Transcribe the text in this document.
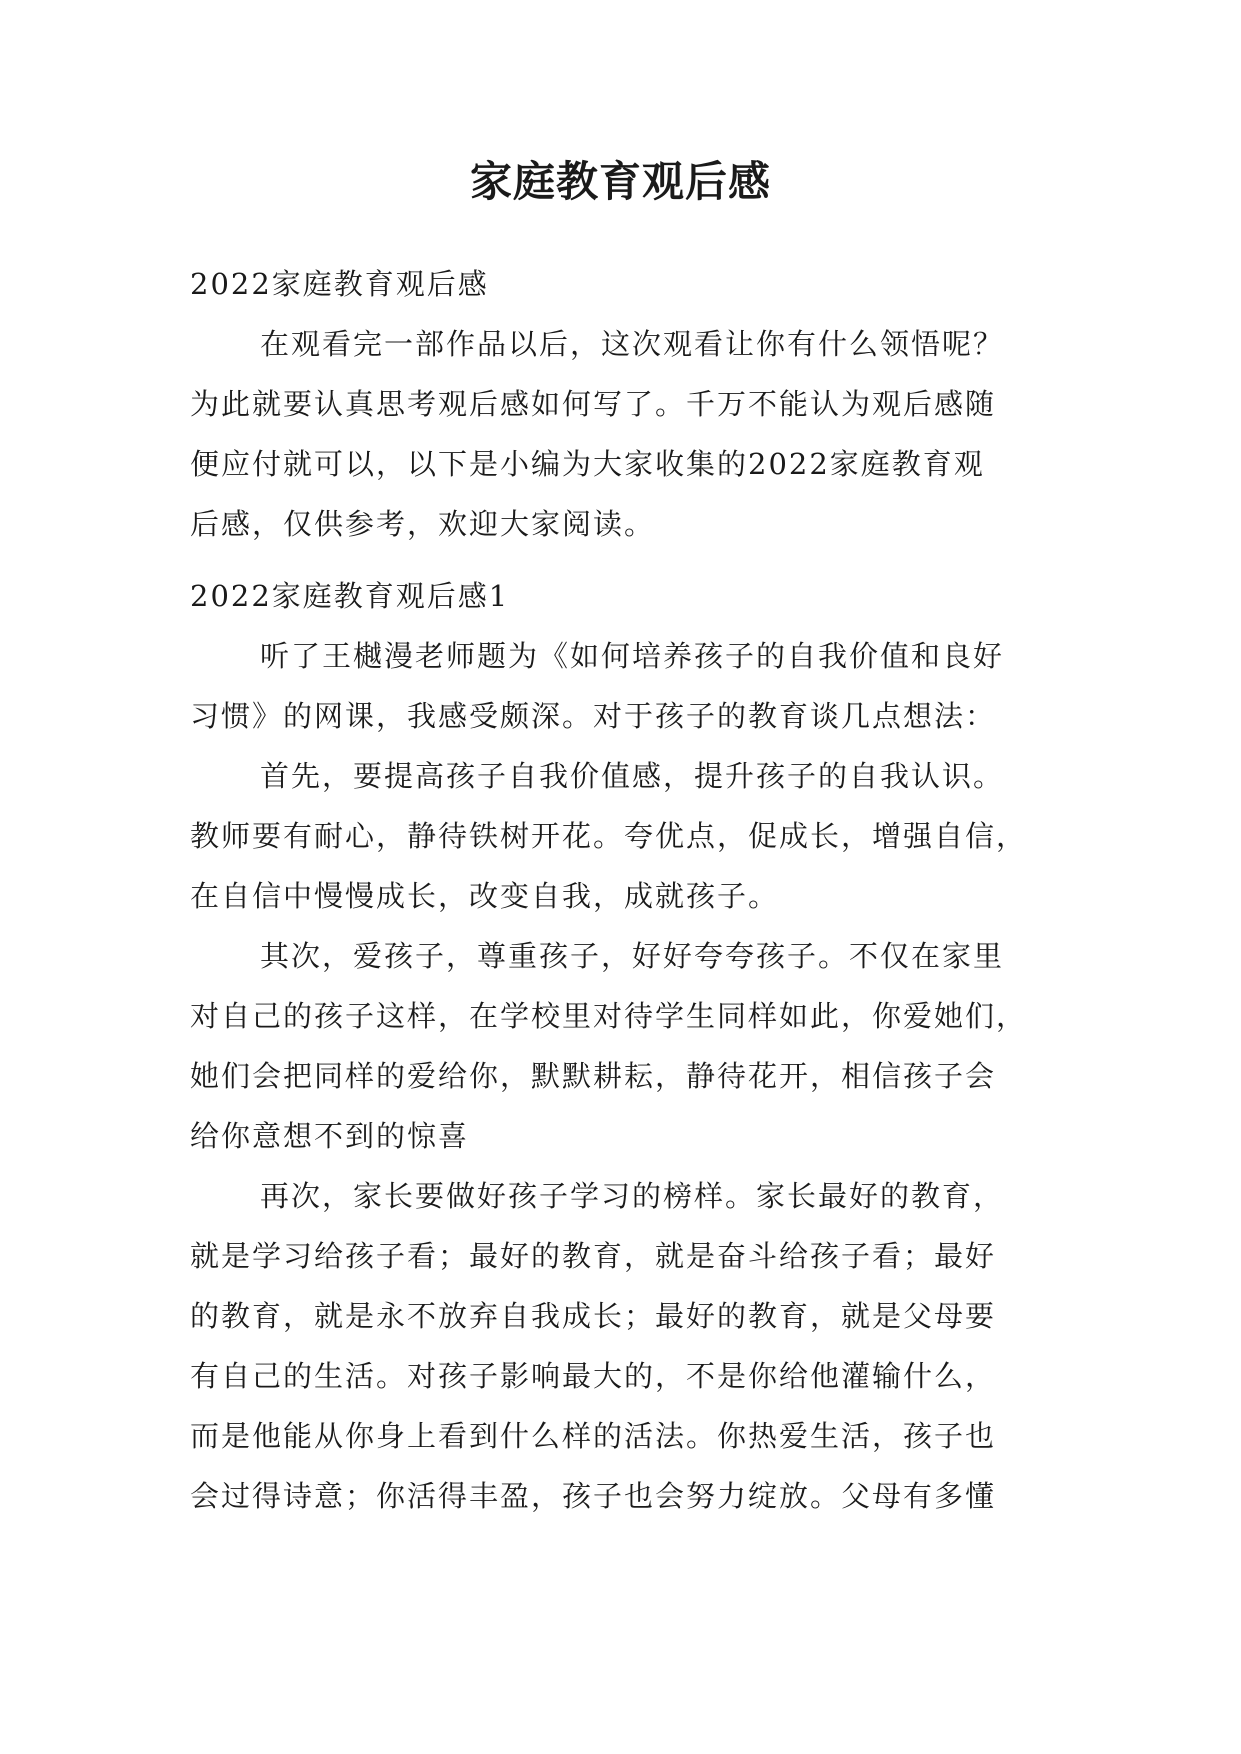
家庭教育观后感
2022家庭教育观后感
在观看完一部作品以后，这次观看让你有什么领悟呢？
为此就要认真思考观后感如何写了。千万不能认为观后感随
便应付就可以，以下是小编为大家收集的2022家庭教育观
后感，仅供参考，欢迎大家阅读。
2022家庭教育观后感1
听了王樾漫老师题为《如何培养孩子的自我价值和良好
习惯》的网课，我感受颇深。对于孩子的教育谈几点想法：
首先，要提高孩子自我价值感，提升孩子的自我认识。
教师要有耐心，静待铁树开花。夸优点，促成长，增强自信，
在自信中慢慢成长，改变自我，成就孩子。
其次，爱孩子，尊重孩子，好好夸夸孩子。不仅在家里
对自己的孩子这样，在学校里对待学生同样如此，你爱她们，
她们会把同样的爱给你，默默耕耘，静待花开，相信孩子会
给你意想不到的惊喜
再次，家长要做好孩子学习的榜样。家长最好的教育，
就是学习给孩子看；最好的教育，就是奋斗给孩子看；最好
的教育，就是永不放弃自我成长；最好的教育，就是父母要
有自己的生活。对孩子影响最大的，不是你给他灌输什么，
而是他能从你身上看到什么样的活法。你热爱生活，孩子也
会过得诗意；你活得丰盈，孩子也会努力绽放。父母有多懂
